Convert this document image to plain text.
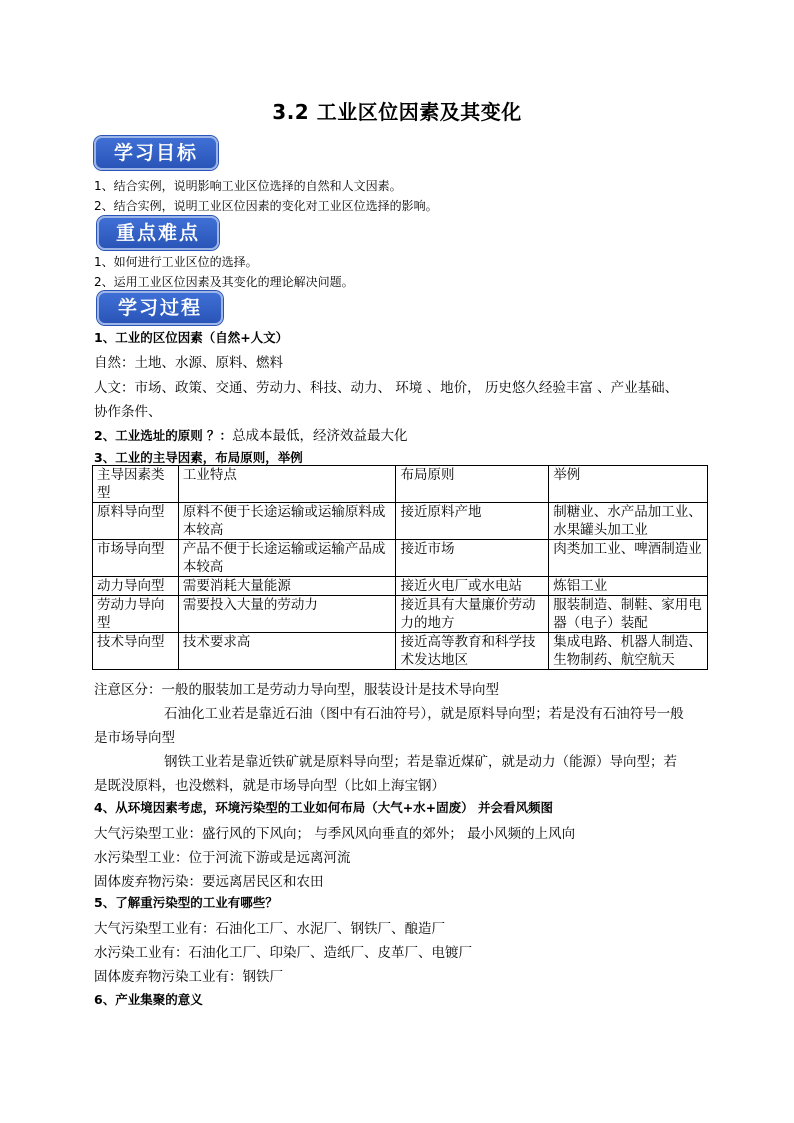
3.2 工业区位因素及其变化
学习目标
1、结合实例，说明影响工业区位选择的自然和人文因素。
2、结合实例，说明工业区位因素的变化对工业区位选择的影响。
重点难点
1、如何进行工业区位的选择。
2、运用工业区位因素及其变化的理论解决问题。
学习过程
1、工业的区位因素（自然+人文）
自然：土地、水源、原料、燃料
人文：市场、政策、交通、劳动力、科技、动力、 环境 、地价， 历史悠久经验丰富 、产业基础、
协作条件、
2、工业选址的原则 ？：总成本最低，经济效益最大化
3、工业的主导因素，布局原则，举例
主导因素类型	工业特点	布局原则	举例
原料导向型	原料不便于长途运输或运输原料成本较高	接近原料产地	制糖业、水产品加工业、水果罐头加工业
市场导向型	产品不便于长途运输或运输产品成本较高	接近市场	肉类加工业、啤酒制造业
动力导向型	需要消耗大量能源	接近火电厂或水电站	炼铝工业
劳动力导向型	需要投入大量的劳动力	接近具有大量廉价劳动力的地方	服装制造、制鞋、家用电器（电子）装配
技术导向型	技术要求高	接近高等教育和科学技术发达地区	集成电路、机器人制造、生物制药、航空航天
注意区分：一般的服装加工是劳动力导向型，服装设计是技术导向型
石油化工业若是靠近石油（图中有石油符号），就是原料导向型；若是没有石油符号一般
是市场导向型
钢铁工业若是靠近铁矿就是原料导向型；若是靠近煤矿，就是动力（能源）导向型；若
是既没原料，也没燃料，就是市场导向型（比如上海宝钢）
4、从环境因素考虑，环境污染型的工业如何布局（大气+水+固废） 并会看风频图
大气污染型工业：盛行风的下风向； 与季风风向垂直的郊外； 最小风频的上风向
水污染型工业：位于河流下游或是远离河流
固体废弃物污染：要远离居民区和农田
5、了解重污染型的工业有哪些？
大气污染型工业有：石油化工厂、水泥厂、钢铁厂、酿造厂
水污染工业有：石油化工厂、印染厂、造纸厂、皮革厂、电镀厂
固体废弃物污染工业有：钢铁厂
6、产业集聚的意义
